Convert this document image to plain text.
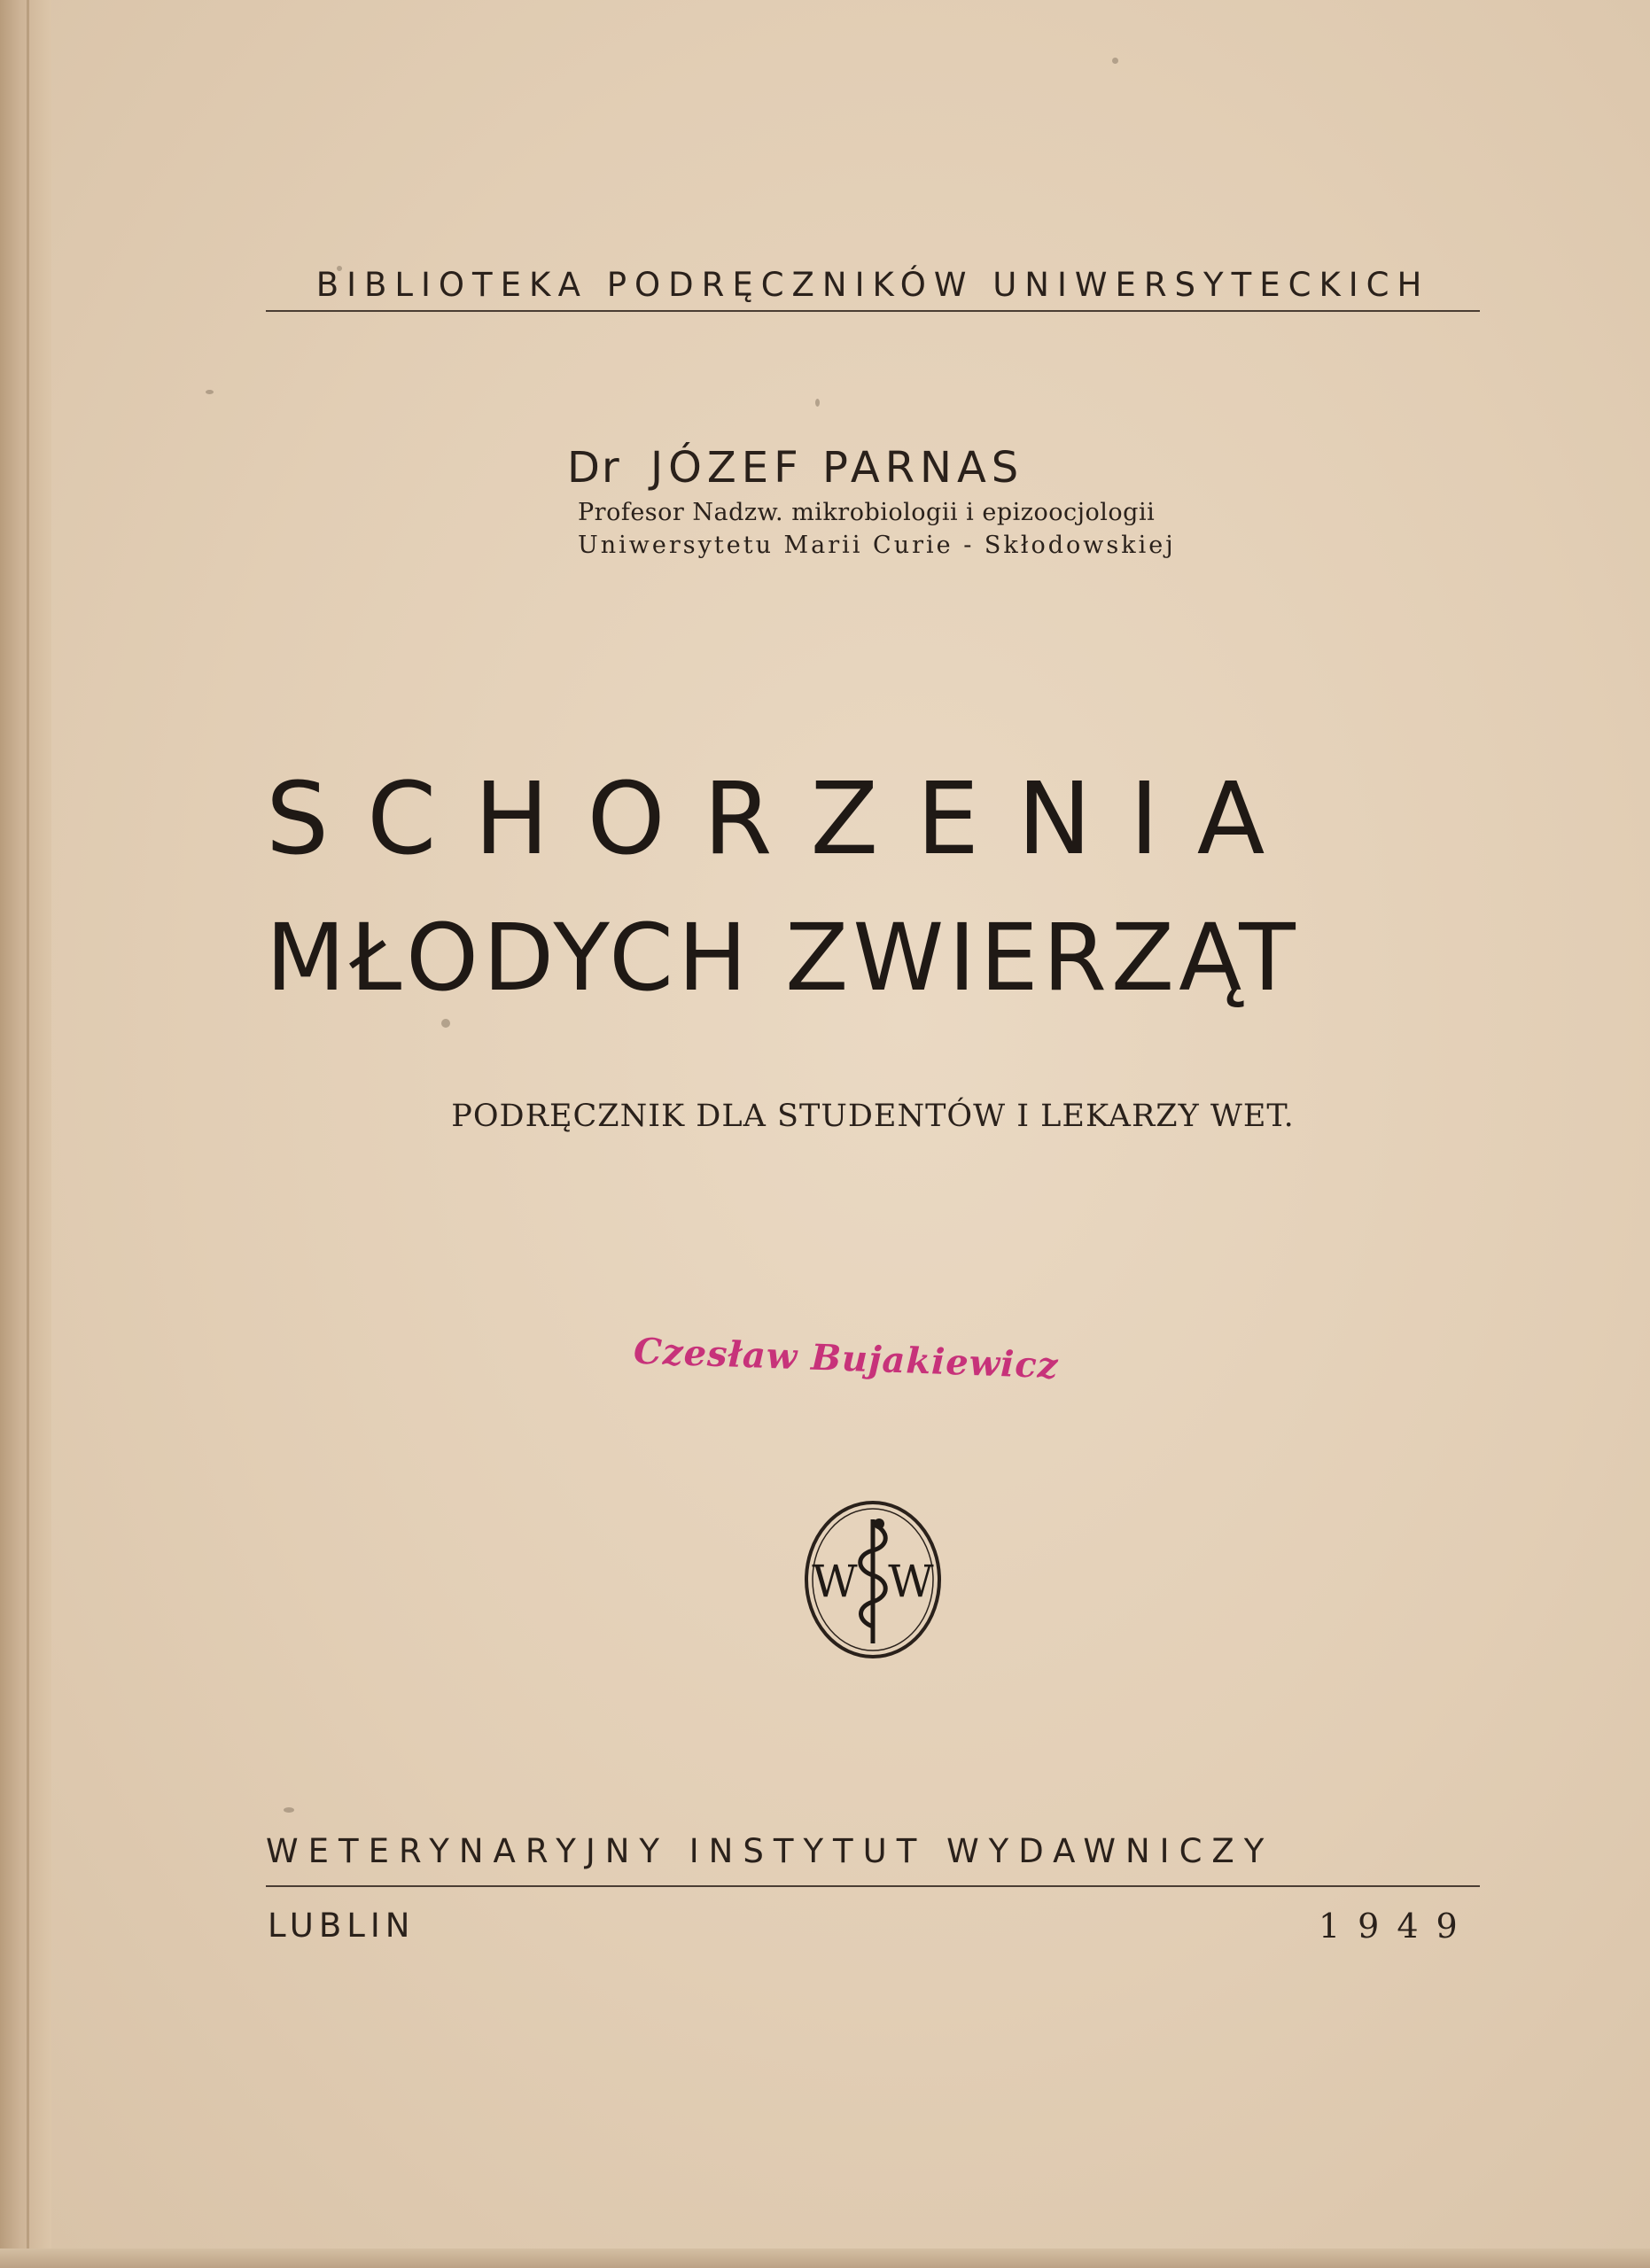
BIBLIOTEKA PODRĘCZNIKÓW UNIWERSYTECKICH
Dr JÓZEF PARNAS
Profesor Nadzw. mikrobiologii i epizoocjologii
Uniwersytetu Marii Curie - Skłodowskiej
SCHORZENIA
MŁODYCH ZWIERZĄT
PODRĘCZNIK DLA STUDENTÓW I LEKARZY WET.
Czesław Bujakiewicz
W W
WETERYNARYJNY INSTYTUT WYDAWNICZY
LUBLIN	1949
